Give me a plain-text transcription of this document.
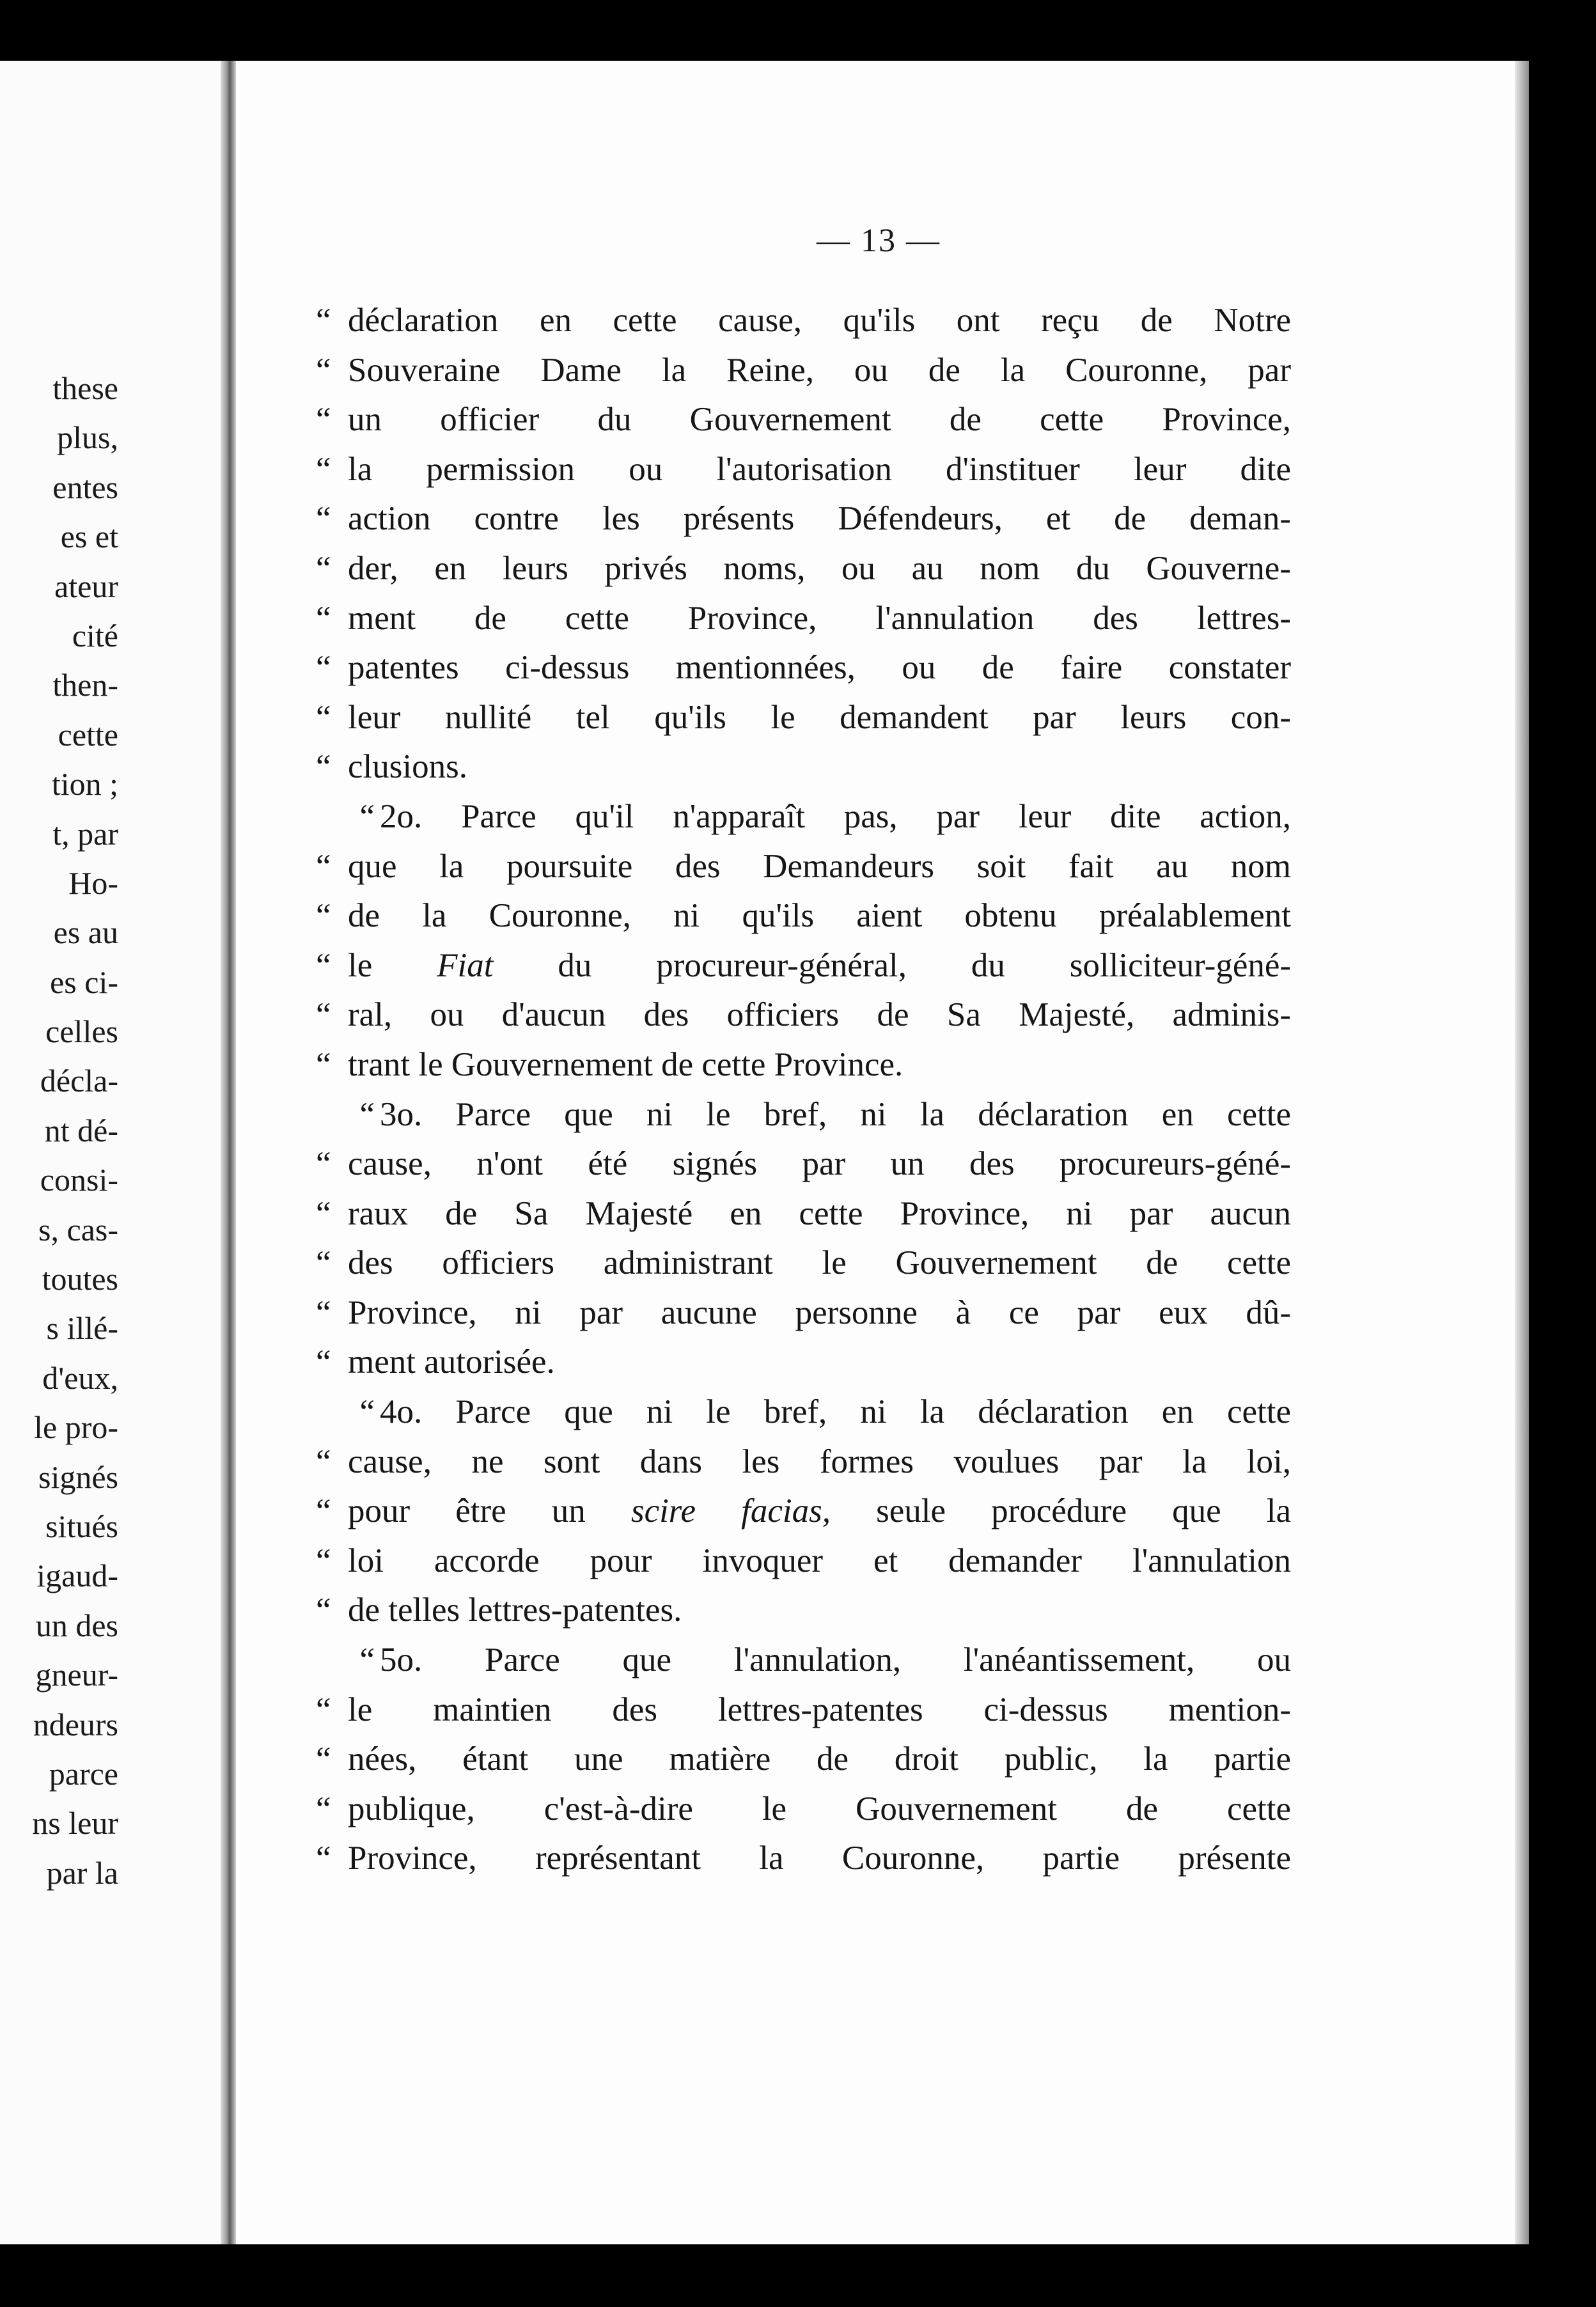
these
plus,
entes
es et
ateur
cité
then-
cette
tion ;
t, par
Ho-
es au
es ci-
celles
décla-
nt dé-
consi-
s, cas-
toutes
s illé-
d'eux,
le pro-
signés
situés
igaud-
un des
gneur-
ndeurs
parce
ns leur
par la
— 13 —
“ déclaration en cette cause, qu'ils ont reçu de Notre
“ Souveraine Dame la Reine, ou de la Couronne, par
“ un officier du Gouvernement de cette Province,
“ la permission ou l'autorisation d'instituer leur dite
“ action contre les présents Défendeurs, et de deman-
“ der, en leurs privés noms, ou au nom du Gouverne-
“ ment de cette Province, l'annulation des lettres-
“ patentes ci-dessus mentionnées, ou de faire constater
“ leur nullité tel qu'ils le demandent par leurs con-
“ clusions.
“ 2o. Parce qu'il n'apparaît pas, par leur dite action,
“ que la poursuite des Demandeurs soit fait au nom
“ de la Couronne, ni qu'ils aient obtenu préalablement
“ le Fiat du procureur-général, du solliciteur-géné-
“ ral, ou d'aucun des officiers de Sa Majesté, adminis-
“ trant le Gouvernement de cette Province.
“ 3o. Parce que ni le bref, ni la déclaration en cette
“ cause, n'ont été signés par un des procureurs-géné-
“ raux de Sa Majesté en cette Province, ni par aucun
“ des officiers administrant le Gouvernement de cette
“ Province, ni par aucune personne à ce par eux dû-
“ ment autorisée.
“ 4o. Parce que ni le bref, ni la déclaration en cette
“ cause, ne sont dans les formes voulues par la loi,
“ pour être un scire facias, seule procédure que la
“ loi accorde pour invoquer et demander l'annulation
“ de telles lettres-patentes.
“ 5o. Parce que l'annulation, l'anéantissement, ou
“ le maintien des lettres-patentes ci-dessus mention-
“ nées, étant une matière de droit public, la partie
“ publique, c'est-à-dire le Gouvernement de cette
“ Province, représentant la Couronne, partie présente
